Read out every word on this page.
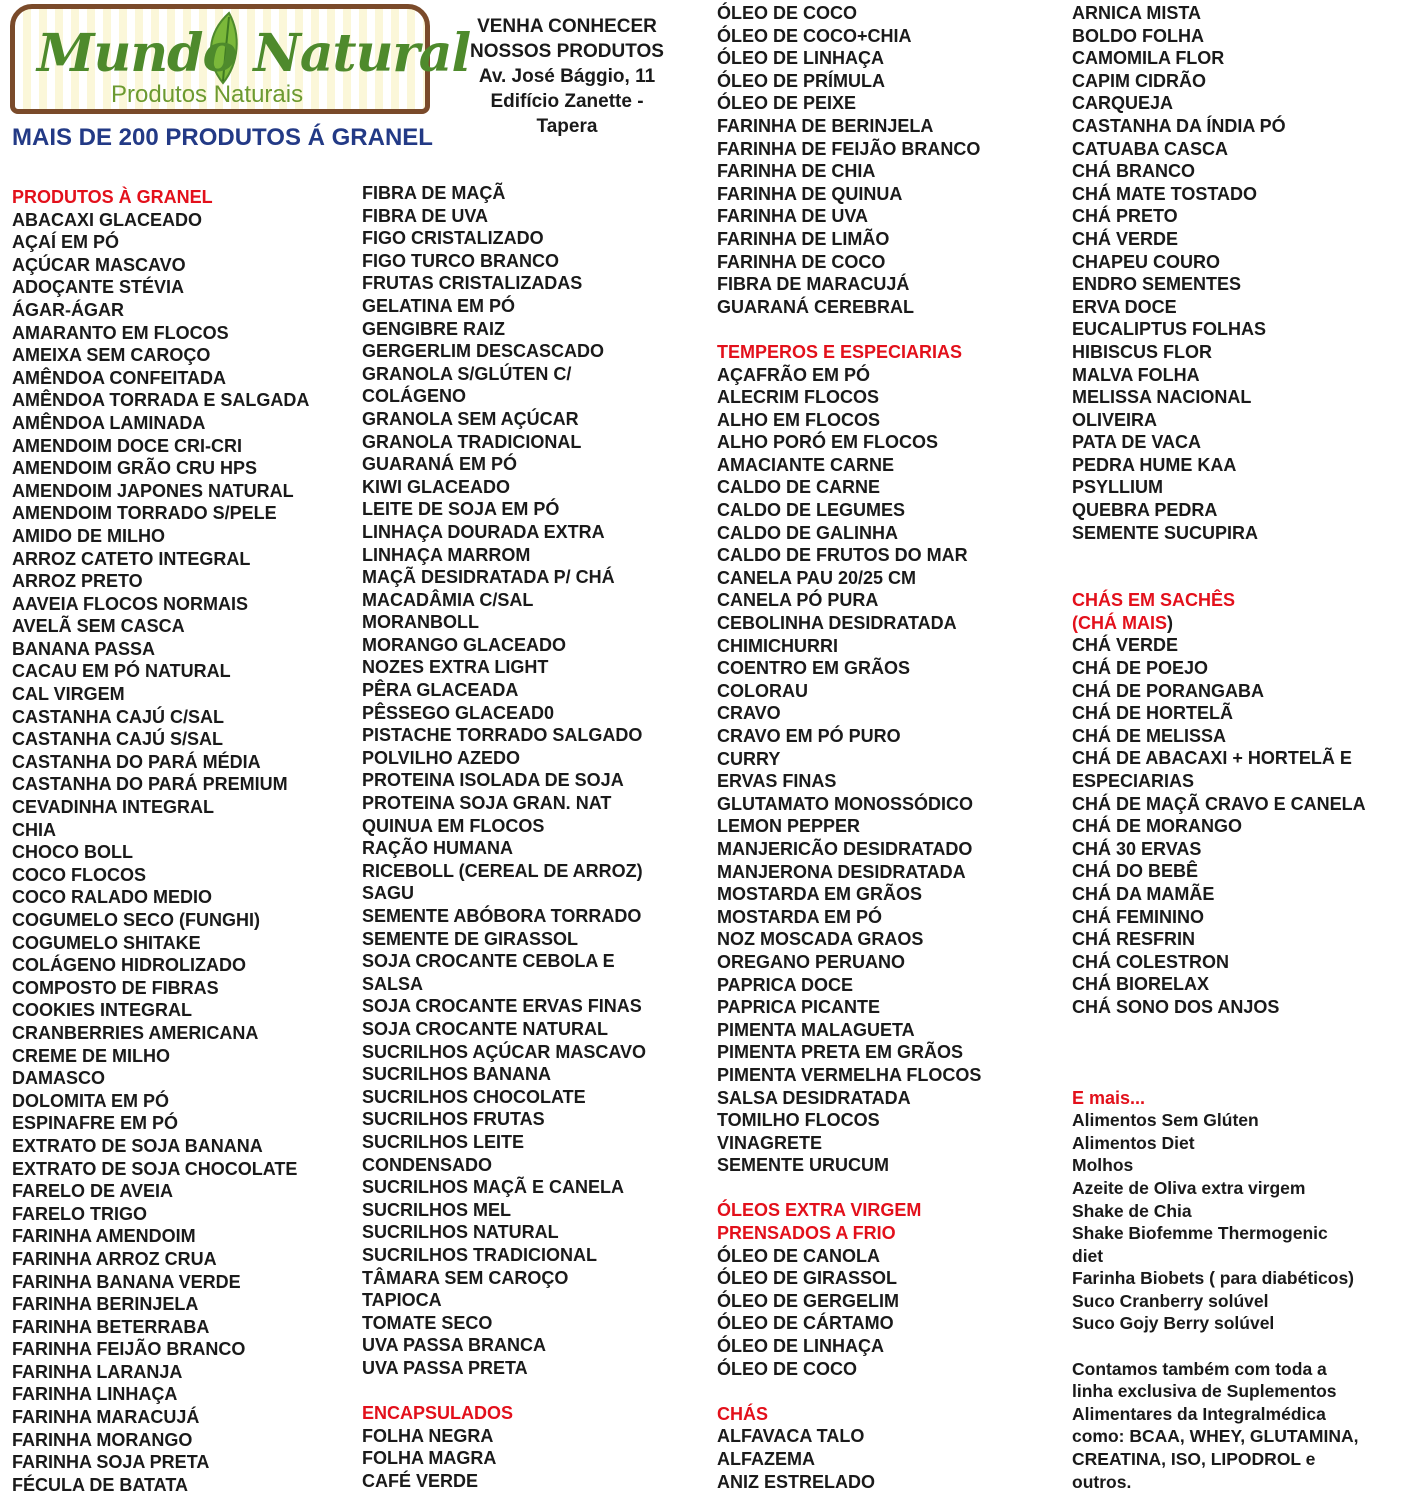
Mundo Natural
Produtos Naturais
MAIS DE 200 PRODUTOS Á GRANEL
VENHA CONHECER
NOSSOS PRODUTOS
Av. José Bággio, 11
Edifício Zanette -
Tapera
PRODUTOS À GRANEL
ABACAXI GLACEADO
AÇAÍ EM PÓ
AÇÚCAR MASCAVO
ADOÇANTE STÉVIA
ÁGAR-ÁGAR
AMARANTO EM FLOCOS
AMEIXA SEM CAROÇO
AMÊNDOA CONFEITADA
AMÊNDOA TORRADA E SALGADA
AMÊNDOA LAMINADA
AMENDOIM DOCE CRI-CRI
AMENDOIM GRÃO CRU HPS
AMENDOIM JAPONES NATURAL
AMENDOIM TORRADO S/PELE
AMIDO DE MILHO
ARROZ CATETO INTEGRAL
ARROZ PRETO
AAVEIA FLOCOS NORMAIS
AVELÃ SEM CASCA
BANANA PASSA
CACAU EM PÓ NATURAL
CAL VIRGEM
CASTANHA CAJÚ C/SAL
CASTANHA CAJÚ S/SAL
CASTANHA DO PARÁ MÉDIA
CASTANHA DO PARÁ PREMIUM
CEVADINHA INTEGRAL
CHIA
CHOCO BOLL
COCO FLOCOS
COCO RALADO MEDIO
COGUMELO SECO (FUNGHI)
COGUMELO SHITAKE
COLÁGENO HIDROLIZADO
COMPOSTO DE FIBRAS
COOKIES INTEGRAL
CRANBERRIES AMERICANA
CREME DE MILHO
DAMASCO
DOLOMITA EM PÓ
ESPINAFRE EM PÓ
EXTRATO DE SOJA BANANA
EXTRATO DE SOJA CHOCOLATE
FARELO DE AVEIA
FARELO TRIGO
FARINHA AMENDOIM
FARINHA ARROZ CRUA
FARINHA BANANA VERDE
FARINHA BERINJELA
FARINHA BETERRABA
FARINHA FEIJÃO BRANCO
FARINHA LARANJA
FARINHA LINHAÇA
FARINHA MARACUJÁ
FARINHA MORANGO
FARINHA SOJA PRETA
FÉCULA DE BATATA
FIBRA DE MAÇÃ
FIBRA DE UVA
FIGO CRISTALIZADO
FIGO TURCO BRANCO
FRUTAS CRISTALIZADAS
GELATINA EM PÓ
GENGIBRE RAIZ
GERGERLIM DESCASCADO
GRANOLA S/GLÚTEN C/
COLÁGENO
GRANOLA SEM AÇÚCAR
GRANOLA TRADICIONAL
GUARANÁ EM PÓ
KIWI GLACEADO
LEITE DE SOJA EM PÓ
LINHAÇA DOURADA EXTRA
LINHAÇA MARROM
MAÇÃ DESIDRATADA P/ CHÁ
MACADÂMIA C/SAL
MORANBOLL
MORANGO GLACEADO
NOZES EXTRA LIGHT
PÊRA GLACEADA
PÊSSEGO GLACEAD0
PISTACHE TORRADO SALGADO
POLVILHO AZEDO
PROTEINA ISOLADA DE SOJA
PROTEINA SOJA GRAN. NAT
QUINUA EM FLOCOS
RAÇÃO HUMANA
RICEBOLL (CEREAL DE ARROZ)
SAGU
SEMENTE ABÓBORA TORRADO
SEMENTE DE GIRASSOL
SOJA CROCANTE CEBOLA E
SALSA
SOJA CROCANTE ERVAS FINAS
SOJA CROCANTE NATURAL
SUCRILHOS AÇÚCAR MASCAVO
SUCRILHOS BANANA
SUCRILHOS CHOCOLATE
SUCRILHOS FRUTAS
SUCRILHOS LEITE
CONDENSADO
SUCRILHOS MAÇÃ E CANELA
SUCRILHOS MEL
SUCRILHOS NATURAL
SUCRILHOS TRADICIONAL
TÂMARA SEM CAROÇO
TAPIOCA
TOMATE SECO
UVA PASSA BRANCA
UVA PASSA PRETA
ENCAPSULADOS
FOLHA NEGRA
FOLHA MAGRA
CAFÉ VERDE
ÓLEO DE COCO
ÓLEO DE COCO+CHIA
ÓLEO DE LINHAÇA
ÓLEO DE PRÍMULA
ÓLEO DE PEIXE
FARINHA DE BERINJELA
FARINHA DE FEIJÃO BRANCO
FARINHA DE CHIA
FARINHA DE QUINUA
FARINHA DE UVA
FARINHA DE LIMÃO
FARINHA DE COCO
FIBRA DE MARACUJÁ
GUARANÁ CEREBRAL
TEMPEROS E ESPECIARIAS
AÇAFRÃO EM PÓ
ALECRIM FLOCOS
ALHO EM FLOCOS
ALHO PORÓ EM FLOCOS
AMACIANTE CARNE
CALDO DE CARNE
CALDO DE LEGUMES
CALDO DE GALINHA
CALDO DE FRUTOS DO MAR
CANELA PAU 20/25 CM
CANELA PÓ PURA
CEBOLINHA DESIDRATADA
CHIMICHURRI
COENTRO EM GRÃOS
COLORAU
CRAVO
CRAVO EM PÓ PURO
CURRY
ERVAS FINAS
GLUTAMATO MONOSSÓDICO
LEMON PEPPER
MANJERICÃO DESIDRATADO
MANJERONA DESIDRATADA
MOSTARDA EM GRÃOS
MOSTARDA EM PÓ
NOZ MOSCADA GRAOS
OREGANO PERUANO
PAPRICA DOCE
PAPRICA PICANTE
PIMENTA MALAGUETA
PIMENTA PRETA EM GRÃOS
PIMENTA VERMELHA FLOCOS
SALSA DESIDRATADA
TOMILHO FLOCOS
VINAGRETE
SEMENTE URUCUM
ÓLEOS EXTRA VIRGEM
PRENSADOS A FRIO
ÓLEO DE CANOLA
ÓLEO DE GIRASSOL
ÓLEO DE GERGELIM
ÓLEO DE CÁRTAMO
ÓLEO DE LINHAÇA
ÓLEO DE COCO
CHÁS
ALFAVACA TALO
ALFAZEMA
ANIZ ESTRELADO
ARNICA MISTA
BOLDO FOLHA
CAMOMILA FLOR
CAPIM CIDRÃO
CARQUEJA
CASTANHA DA ÍNDIA PÓ
CATUABA CASCA
CHÁ BRANCO
CHÁ MATE TOSTADO
CHÁ PRETO
CHÁ VERDE
CHAPEU COURO
ENDRO SEMENTES
ERVA DOCE
EUCALIPTUS FOLHAS
HIBISCUS FLOR
MALVA FOLHA
MELISSA NACIONAL
OLIVEIRA
PATA DE VACA
PEDRA HUME KAA
PSYLLIUM
QUEBRA PEDRA
SEMENTE SUCUPIRA
CHÁS EM SACHÊS
(CHÁ MAIS)
CHÁ VERDE
CHÁ DE POEJO
CHÁ DE PORANGABA
CHÁ DE HORTELÃ
CHÁ DE MELISSA
CHÁ DE ABACAXI + HORTELÃ E
ESPECIARIAS
CHÁ DE MAÇÃ CRAVO E CANELA
CHÁ DE MORANGO
CHÁ 30 ERVAS
CHÁ DO BEBÊ
CHÁ DA MAMÃE
CHÁ FEMININO
CHÁ RESFRIN
CHÁ COLESTRON
CHÁ BIORELAX
CHÁ SONO DOS ANJOS
E mais...
Alimentos Sem Glúten
Alimentos Diet
Molhos
Azeite de Oliva extra virgem
Shake de Chia
Shake Biofemme Thermogenic
diet
Farinha Biobets ( para diabéticos)
Suco Cranberry solúvel
Suco Gojy Berry solúvel
Contamos também com toda a
linha exclusiva de Suplementos
Alimentares da Integralmédica
como: BCAA, WHEY, GLUTAMINA,
CREATINA, ISO, LIPODROL e
outros.
